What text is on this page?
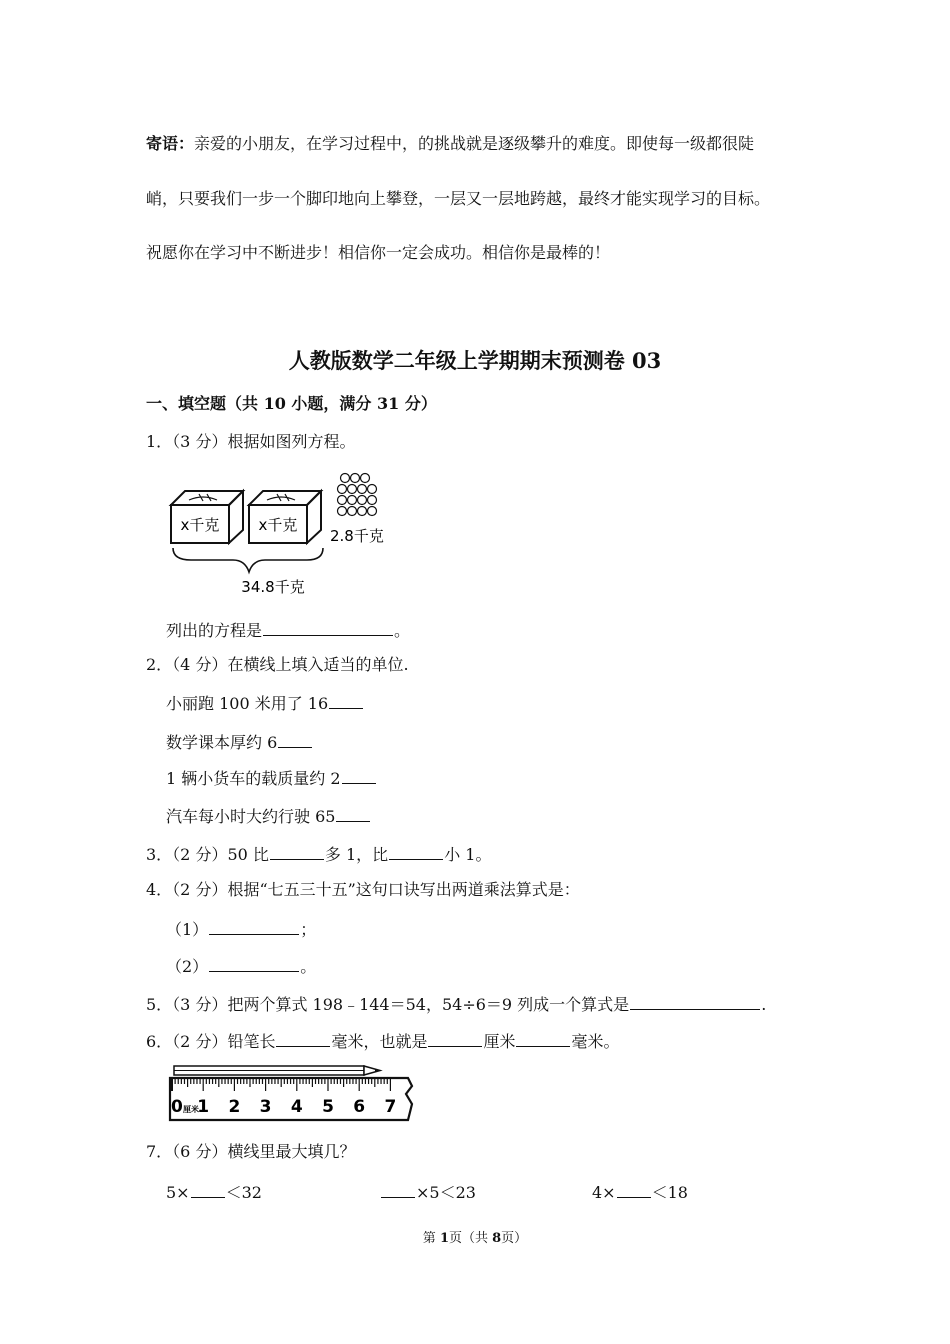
寄语：亲爱的小朋友，在学习过程中，的挑战就是逐级攀升的难度。即使每一级都很陡
峭，只要我们一步一个脚印地向上攀登，一层又一层地跨越，最终才能实现学习的目标。
祝愿你在学习中不断进步！相信你一定会成功。相信你是最棒的！
人教版数学二年级上学期期末预测卷 03
一、填空题（共 10 小题，满分 31 分）
1．（3 分）根据如图列方程。
x千克	x千克
2.8千克
34.8千克
列出的方程是	。
2．（4 分）在横线上填入适当的单位.
小丽跑 100 米用了 16
数学课本厚约 6
1 辆小货车的载质量约 2
汽车每小时大约行驶 65
3．（2 分）50 比	多 1，比	小 1。
4．（2 分）根据“七五三十五”这句口诀写出两道乘法算式是：
（1）	；
（2）	。
5．（3 分）把两个算式 198﹣144＝54，54÷6＝9 列成一个算式是	.
6．（2 分）铅笔长	毫米，也就是	厘米	毫米。
0 厘米
1 2 3 4 5 6 7
7．（6 分）横线里最大填几？
5× ＜32	×5＜23	4× ＜18
第 1页（共 8页）
